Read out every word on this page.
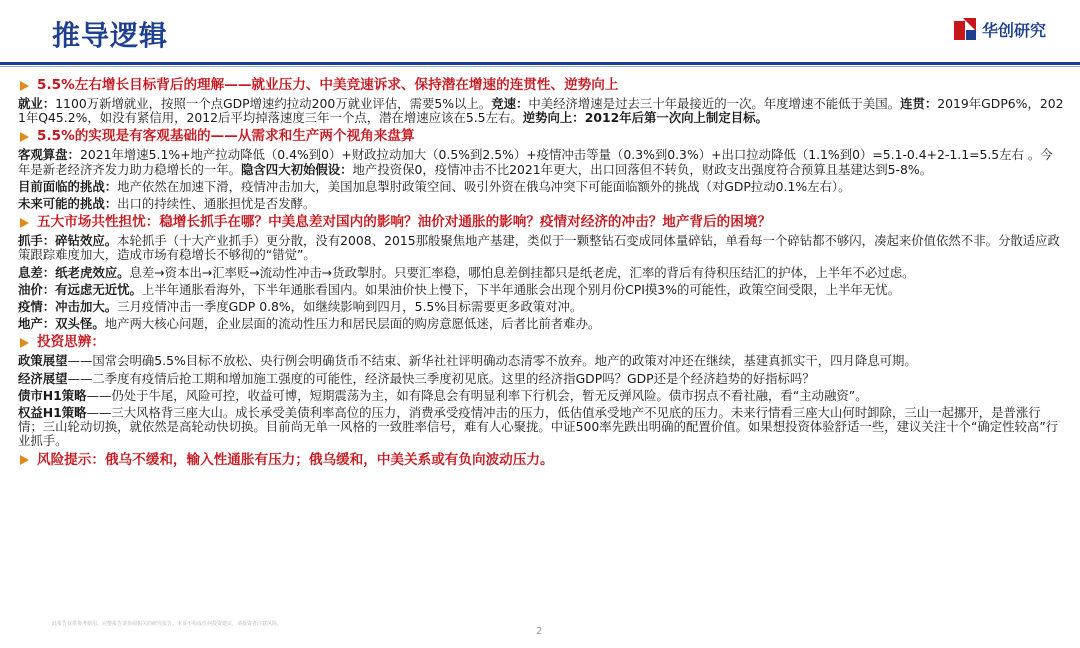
推导逻辑	华创研究
5.5%左右增长目标背后的理解——就业压力、中美竞速诉求、保持潜在增速的连贯性、逆势向上
就业：1100万新增就业，按照一个点GDP增速约拉动200万就业评估，需要5%以上。竞速：中美经济增速是过去三十年最接近的一次。年度增速不能低于美国。连贯：2019年GDP6%，2021年Q45.2%，如没有紧信用，2012后平均掉落速度三年一个点，潜在增速应该在5.5左右。逆势向上：2012年后第一次向上制定目标。
5.5%的实现是有客观基础的——从需求和生产两个视角来盘算
客观算盘：2021年增速5.1%+地产拉动降低（0.4%到0）+财政拉动加大（0.5%到2.5%）+疫情冲击等量（0.3%到0.3%）+出口拉动降低（1.1%到0）=5.1-0.4+2-1.1=5.5左右 。今年是新老经济齐发力助力稳增长的一年。隐含四大初始假设：地产投资保0，疫情冲击不比2021年更大，出口回落但不转负，财政支出强度符合预算且基建达到5-8%。
目前面临的挑战：地产依然在加速下滑，疫情冲击加大，美国加息掣肘政策空间、吸引外资在俄乌冲突下可能面临额外的挑战（对GDP拉动0.1%左右）。
未来可能的挑战：出口的持续性、通胀担忧是否发酵。
五大市场共性担忧：稳增长抓手在哪？中美息差对国内的影响？油价对通胀的影响？疫情对经济的冲击？地产背后的困境？
抓手：碎钻效应。本轮抓手（十大产业抓手）更分散，没有2008、2015那般聚焦地产基建，类似于一颗整钻石变成同体量碎钻，单看每一个碎钻都不够闪，凑起来价值依然不非。分散适应政策跟踪难度加大，造成市场有稳增长不够彻的“错觉”。
息差：纸老虎效应。息差→资本出→汇率贬→流动性冲击→货政掣肘。只要汇率稳，哪怕息差倒挂都只是纸老虎，汇率的背后有待积压结汇的护体，上半年不必过虑。
油价：有远虑无近忧。上半年通胀看海外，下半年通胀看国内。如果油价快上慢下，下半年通胀会出现个别月份CPI摸3%的可能性，政策空间受限，上半年无忧。
疫情：冲击加大。三月疫情冲击一季度GDP 0.8%，如继续影响到四月，5.5%目标需要更多政策对冲。
地产：双头怪。地产两大核心问题，企业层面的流动性压力和居民层面的购房意愿低迷，后者比前者难办。
投资思辨：
政策展望——国常会明确5.5%目标不放松、央行例会明确货币不结束、新华社社评明确动态清零不放弃。地产的政策对冲还在继续，基建真抓实干，四月降息可期。
经济展望——二季度有疫情后抢工期和增加施工强度的可能性，经济最快三季度初见底。这里的经济指GDP吗？GDP还是个经济趋势的好指标吗？
债市H1策略——仍处于牛尾，风险可控，收益可博，短期震荡为主，如有降息会有明显利率下行机会，暂无反弹风险。债市拐点不看社融，看“主动融资”。
权益H1策略——三大风格背三座大山。成长承受美债利率高位的压力，消费承受疫情冲击的压力，低估值承受地产不见底的压力。未来行情看三座大山何时卸除，三山一起挪开，是普涨行情；三山轮动切换，就依然是高轮动快切换。目前尚无单一风格的一致胜率信号，难有人心聚拢。中证500率先跌出明确的配置价值。如果想投资体验舒适一些，建议关注十个“确定性较高”行业抓手。
风险提示：俄乌不缓和，输入性通胀有压力；俄乌缓和，中美关系或有负向波动压力。
此报告仅供参考使用，完整报告请参阅相关的研究报告。本页不构成任何投资建议，请投资者注意风险。
2
